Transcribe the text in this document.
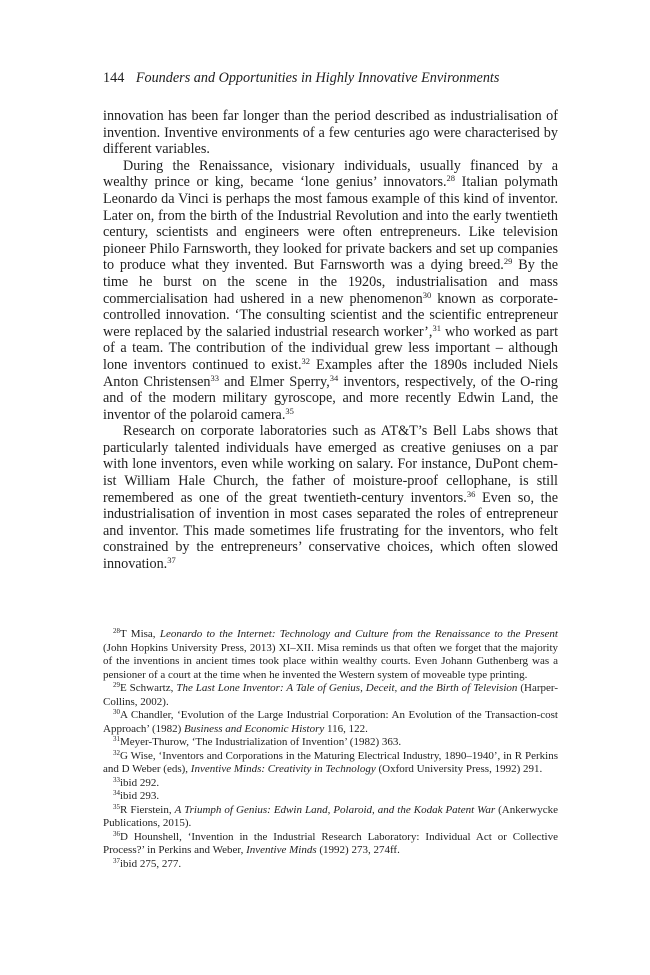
144 Founders and Opportunities in Highly Innovative Environments

innovation has been far longer than the period described as industrialisation of invention. Inventive environments of a few centuries ago were characterised by different variables.

During the Renaissance, visionary individuals, usually financed by a wealthy prince or king, became ‘lone genius’ innovators.$^{28}$ Italian polymath Leonardo da Vinci is perhaps the most famous example of this kind of inventor. Later on, from the birth of the Industrial Revolution and into the early twentieth century, scientists and engineers were often entrepreneurs. Like television pioneer Philo Farnsworth, they looked for private backers and set up companies to produce what they invented. But Farnsworth was a dying breed.$^{29}$ By the time he burst on the scene in the 1920s, industrialisation and mass commercialisation had ushered in a new phenomenon$^{30}$ known as corporate-controlled innovation. ‘The consulting scientist and the scientific entrepreneur were replaced by the salaried industrial research worker’,$^{31}$ who worked as part of a team. The contribution of the individual grew less important – although lone inventors continued to exist.$^{32}$ Examples after the 1890s included Niels Anton Christensen$^{33}$ and Elmer Sperry,$^{34}$ inventors, respectively, of the O-ring and of the modern military gyroscope, and more recently Edwin Land, the inventor of the polaroid camera.$^{35}$

Research on corporate laboratories such as AT&T’s Bell Labs shows that particularly talented individuals have emerged as creative geniuses on a par with lone inventors, even while working on salary. For instance, DuPont chemist William Hale Church, the father of moisture-proof cellophane, is still remembered as one of the great twentieth-century inventors.$^{36}$ Even so, the industrialisation of invention in most cases separated the roles of entrepreneur and inventor. This made sometimes life frustrating for the inventors, who felt constrained by the entrepreneurs’ conservative choices, which often slowed innovation.$^{37}$

$^{28}$T Misa, Leonardo to the Internet: Technology and Culture from the Renaissance to the Present (John Hopkins University Press, 2013) XI–XII. Misa reminds us that often we forget that the majority of the inventions in ancient times took place within wealthy courts. Even Johann Guthenberg was a pensioner of a court at the time when he invented the Western system of moveable type printing.

$^{29}$E Schwartz, The Last Lone Inventor: A Tale of Genius, Deceit, and the Birth of Television (Harper-Collins, 2002).

$^{30}$A Chandler, ‘Evolution of the Large Industrial Corporation: An Evolution of the Transaction-cost Approach’ (1982) Business and Economic History 116, 122.

$^{31}$Meyer-Thurow, ‘The Industrialization of Invention’ (1982) 363.

$^{32}$G Wise, ‘Inventors and Corporations in the Maturing Electrical Industry, 1890–1940’, in R Perkins and D Weber (eds), Inventive Minds: Creativity in Technology (Oxford University Press, 1992) 291.

$^{33}$ibid 292.

$^{34}$ibid 293.

$^{35}$R Fierstein, A Triumph of Genius: Edwin Land, Polaroid, and the Kodak Patent War (Ankerwycke Publications, 2015).

$^{36}$D Hounshell, ‘Invention in the Industrial Research Laboratory: Individual Act or Collective Process?’ in Perkins and Weber, Inventive Minds (1992) 273, 274ff.

$^{37}$ibid 275, 277.
